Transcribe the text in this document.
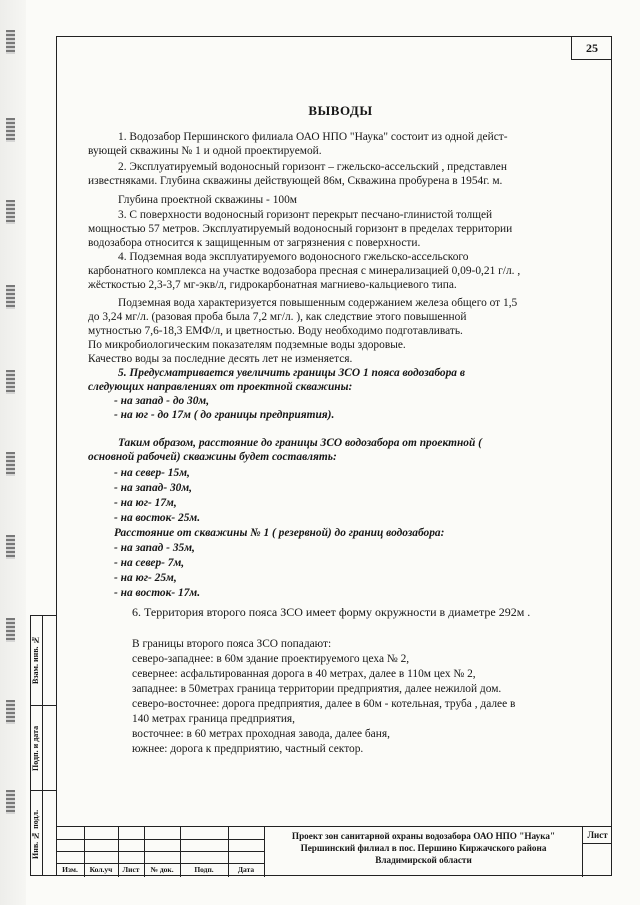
25
Взам. инв. №
Подп. и дата
Инв. № подл.
ВЫВОДЫ
1. Водозабор Першинского филиала ОАО НПО "Наука" состоит из одной дейст-
вующей скважины № 1 и одной проектируемой.
2. Эксплуатируемый водоносный горизонт – гжельско-ассельский , представлен
известняками. Глубина скважины действующей 86м, Скважина пробурена в 1954г. м.
Глубина проектной скважины - 100м
3. С поверхности водоносный горизонт перекрыт песчано-глинистой толщей
мощностью 57 метров. Эксплуатируемый водоносный горизонт в пределах территории
водозабора относится к защищенным от загрязнения с поверхности.
4. Подземная вода эксплуатируемого водоносного гжельско-ассельского
карбонатного комплекса на участке водозабора пресная с минерализацией 0,09-0,21 г/л. ,
жёсткостью 2,3-3,7 мг-экв/л, гидрокарбонатная магниево-кальциевого типа.
Подземная вода характеризуется повышенным содержанием железа общего от 1,5
до 3,24 мг/л. (разовая проба была 7,2 мг/л. ), как следствие этого повышенной
мутностью 7,6-18,3 ЕМФ/л, и цветностью. Воду необходимо подготавливать.
По микробиологическим показателям подземные воды здоровые.
Качество воды за последние десять лет не изменяется.
5. Предусматривается увеличить границы ЗСО 1 пояса водозабора в
следующих направлениях от проектной скважины:
- на запад - до 30м,
- на юг - до 17м ( до границы предприятия).
Таким образом, расстояние до границы ЗСО водозабора от проектной (
основной рабочей) скважины будет составлять:
- на север- 15м,
- на запад- 30м,
- на юг- 17м,
- на восток- 25м.
Расстояние от скважины № 1 ( резервной) до границ водозабора:
- на запад - 35м,
- на север- 7м,
- на юг- 25м,
- на восток- 17м.
6. Территория второго пояса ЗСО имеет форму окружности в диаметре 292м .
В границы второго пояса ЗСО попадают:
северо-западнее: в 60м здание проектируемого цеха № 2,
севернее: асфальтированная дорога в 40 метрах, далее в 110м цех № 2,
западнее: в 50метрах граница территории предприятия, далее нежилой дом.
северо-восточнее: дорога предприятия, далее в 60м - котельная, труба , далее в
140 метрах граница предприятия,
восточнее: в 60 метрах проходная завода, далее баня,
южнее: дорога к предприятию, частный сектор.
Изм.	Кол.уч	Лист	№ док.	Подп.	Дата
Проект зон санитарной охраны водозабора ОАО НПО "Наука"
Першинский филиал в пос. Першино Киржачского района
Владимирской области
Лист
